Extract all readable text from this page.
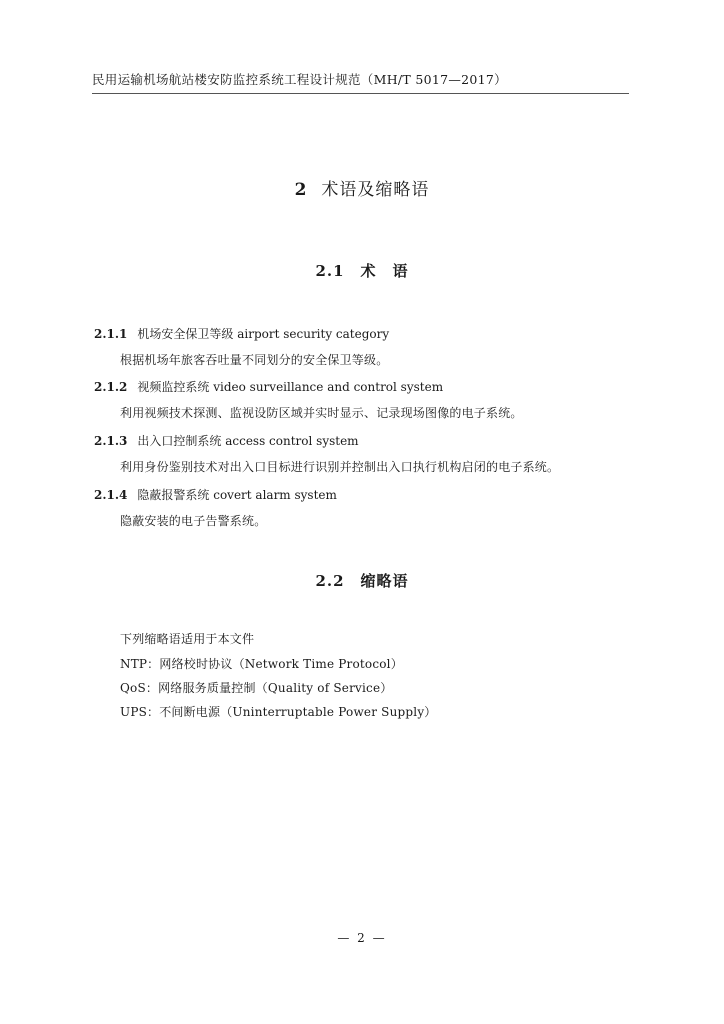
民用运输机场航站楼安防监控系统工程设计规范（MH/T 5017—2017）
2 术语及缩略语
2.1 术　语
2.1.1 机场安全保卫等级 airport security category
根据机场年旅客吞吐量不同划分的安全保卫等级。
2.1.2 视频监控系统 video surveillance and control system
利用视频技术探测、监视设防区域并实时显示、记录现场图像的电子系统。
2.1.3 出入口控制系统 access control system
利用身份鉴别技术对出入口目标进行识别并控制出入口执行机构启闭的电子系统。
2.1.4 隐蔽报警系统 covert alarm system
隐蔽安装的电子告警系统。
2.2 缩略语
下列缩略语适用于本文件
NTP：网络校时协议（Network Time Protocol）
QoS：网络服务质量控制（Quality of Service）
UPS：不间断电源（Uninterruptable Power Supply）
— 2 —
